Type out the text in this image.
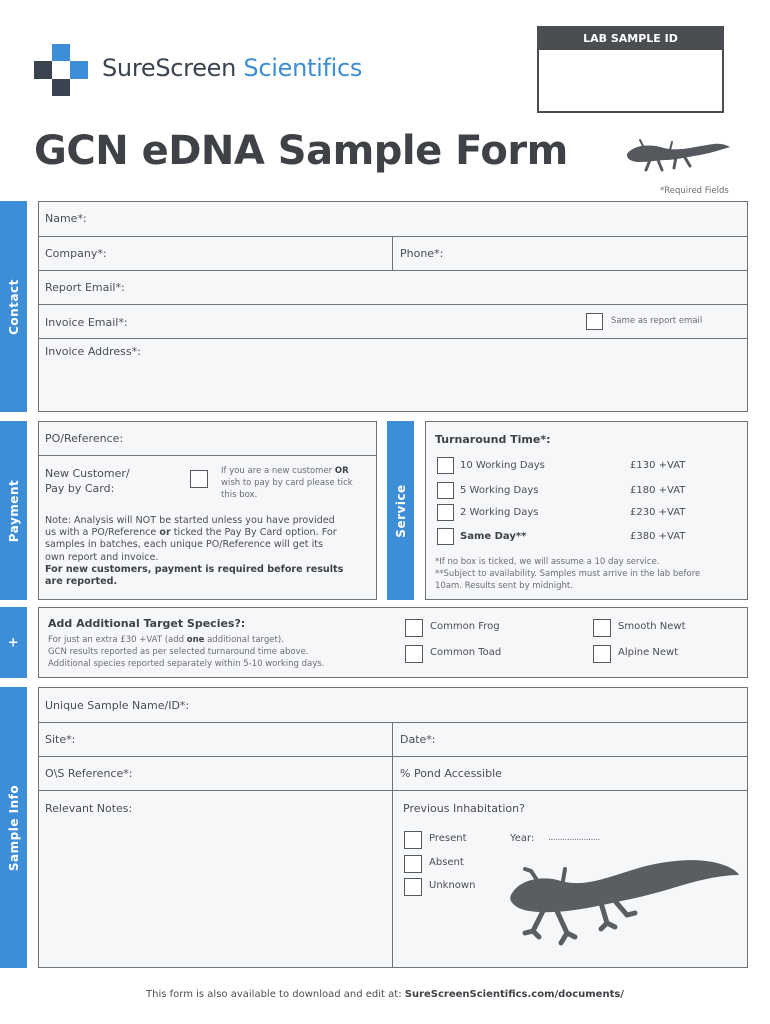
SureScreen Scientifics
LAB SAMPLE ID
GCN eDNA Sample Form
*Required Fields
Contact
Name*:
Company*:	Phone*:
Report Email*:
Invoice Email*:	Same as report email
Invoice Address*:
Payment
PO/Reference:
New Customer/
Pay by Card:
If you are a new customer OR
wish to pay by card please tick
this box.
Note: Analysis will NOT be started unless you have provided
us with a PO/Reference or ticked the Pay By Card option. For
samples in batches, each unique PO/Reference will get its
own report and invoice.
For new customers, payment is required before results
are reported.
Service
Turnaround Time*:
10 Working Days	£130 +VAT
5 Working Days	£180 +VAT
2 Working Days	£230 +VAT
Same Day**	£380 +VAT
*If no box is ticked, we will assume a 10 day service.
**Subject to availability. Samples must arrive in the lab before
10am. Results sent by midnight.
+
Add Additional Target Species?:
For just an extra £30 +VAT (add one additional target).
GCN results reported as per selected turnaround time above.
Additional species reported separately within 5-10 working days.
Common Frog	Smooth Newt
Common Toad	Alpine Newt
Sample Info
Unique Sample Name/ID*:
Site*:	Date*:
O\S Reference*:	% Pond Accessible
Relevant Notes:	Previous Inhabitation?
Present	Year: ......................
Absent
Unknown
This form is also available to download and edit at: SureScreenScientifics.com/documents/
